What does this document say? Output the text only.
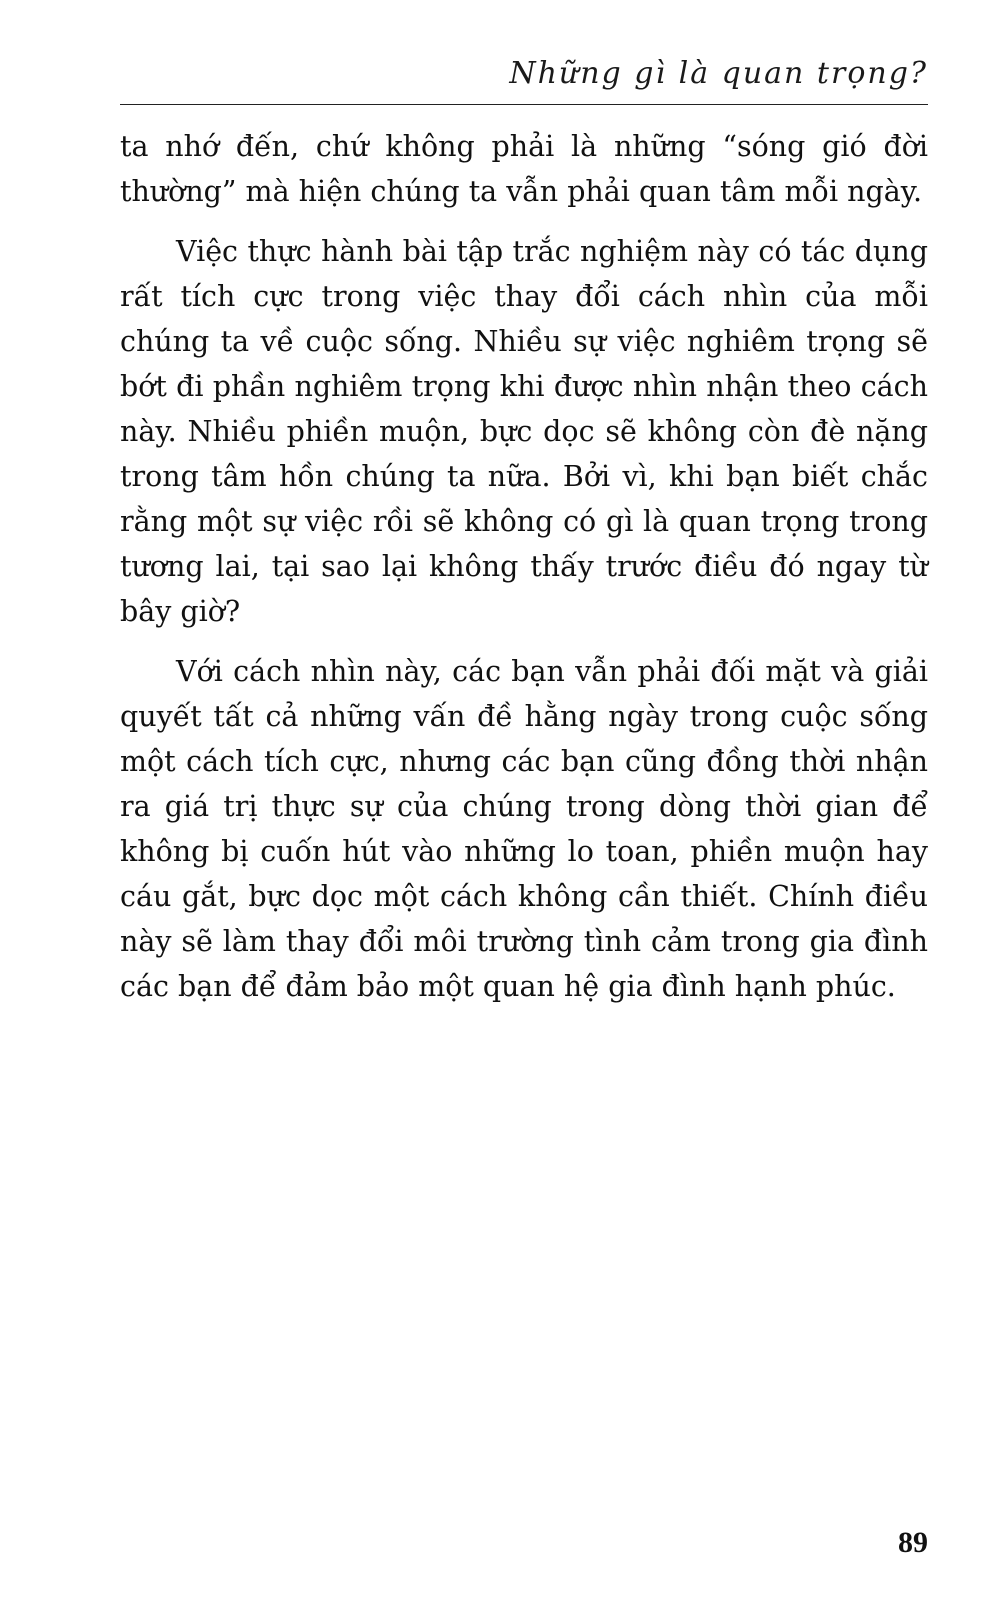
Những gì là quan trọng?

ta nhớ đến, chứ không phải là những “sóng gió đời thường” mà hiện chúng ta vẫn phải quan tâm mỗi ngày.

Việc thực hành bài tập trắc nghiệm này có tác dụng rất tích cực trong việc thay đổi cách nhìn của mỗi chúng ta về cuộc sống. Nhiều sự việc nghiêm trọng sẽ bớt đi phần nghiêm trọng khi được nhìn nhận theo cách này. Nhiều phiền muộn, bực dọc sẽ không còn đè nặng trong tâm hồn chúng ta nữa. Bởi vì, khi bạn biết chắc rằng một sự việc rồi sẽ không có gì là quan trọng trong tương lai, tại sao lại không thấy trước điều đó ngay từ bây giờ?

Với cách nhìn này, các bạn vẫn phải đối mặt và giải quyết tất cả những vấn đề hằng ngày trong cuộc sống một cách tích cực, nhưng các bạn cũng đồng thời nhận ra giá trị thực sự của chúng trong dòng thời gian để không bị cuốn hút vào những lo toan, phiền muộn hay cáu gắt, bực dọc một cách không cần thiết. Chính điều này sẽ làm thay đổi môi trường tình cảm trong gia đình các bạn để đảm bảo một quan hệ gia đình hạnh phúc.

89
